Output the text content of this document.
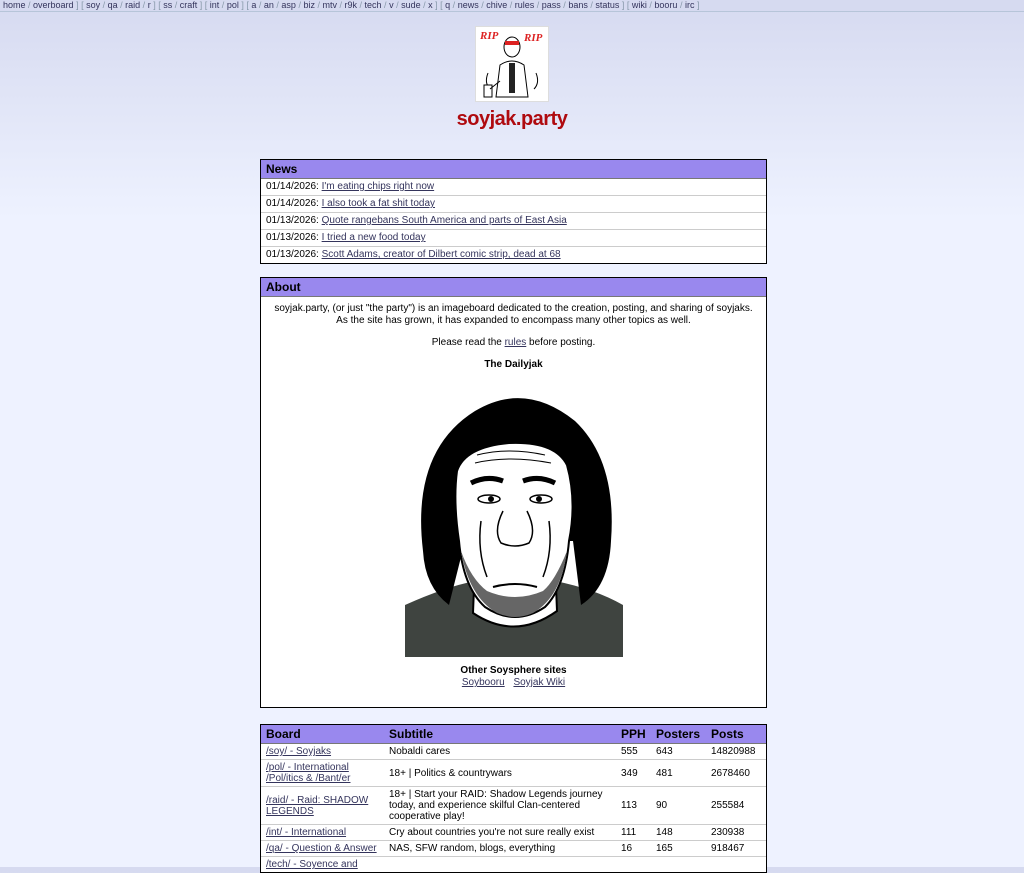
home / overboard ] [ soy / qa / raid / r ] [ ss / craft ] [ int / pol ] [ a / an / asp / biz / mtv / r9k / tech / v / sude / x ] [ q / news / chive / rules / pass / bans / status ] [ wiki / booru / irc ]
RIP RIP
soyjak.party
News
01/14/2026: I'm eating chips right now
01/14/2026: I also took a fat shit today
01/13/2026: Quote rangebans South America and parts of East Asia
01/13/2026: I tried a new food today
01/13/2026: Scott Adams, creator of Dilbert comic strip, dead at 68
About

soyjak.party, (or just "the party") is an imageboard dedicated to the creation, posting, and sharing of soyjaks. As the site has grown, it has expanded to encompass many other topics as well.

Please read the rules before posting.

The Dailyjak
Other Soysphere sites
Soybooru Soyjak Wiki
Board	Subtitle	PPH	Posters	Posts
/soy/ - Soyjaks	Nobaldi cares	555	643	14820988
/pol/ - International /Pol/itics & /Bant/er	18+ | Politics & countrywars	349	481	2678460
/raid/ - Raid: SHADOW LEGENDS	18+ | Start your RAID: Shadow Legends journey today, and experience skilful Clan-centered cooperative play!	113	90	255584
/int/ - International	Cry about countries you're not sure really exist	111	148	230938
/qa/ - Question & Answer	NAS, SFW random, blogs, everything	16	165	918467
/tech/ - Soyence and				
